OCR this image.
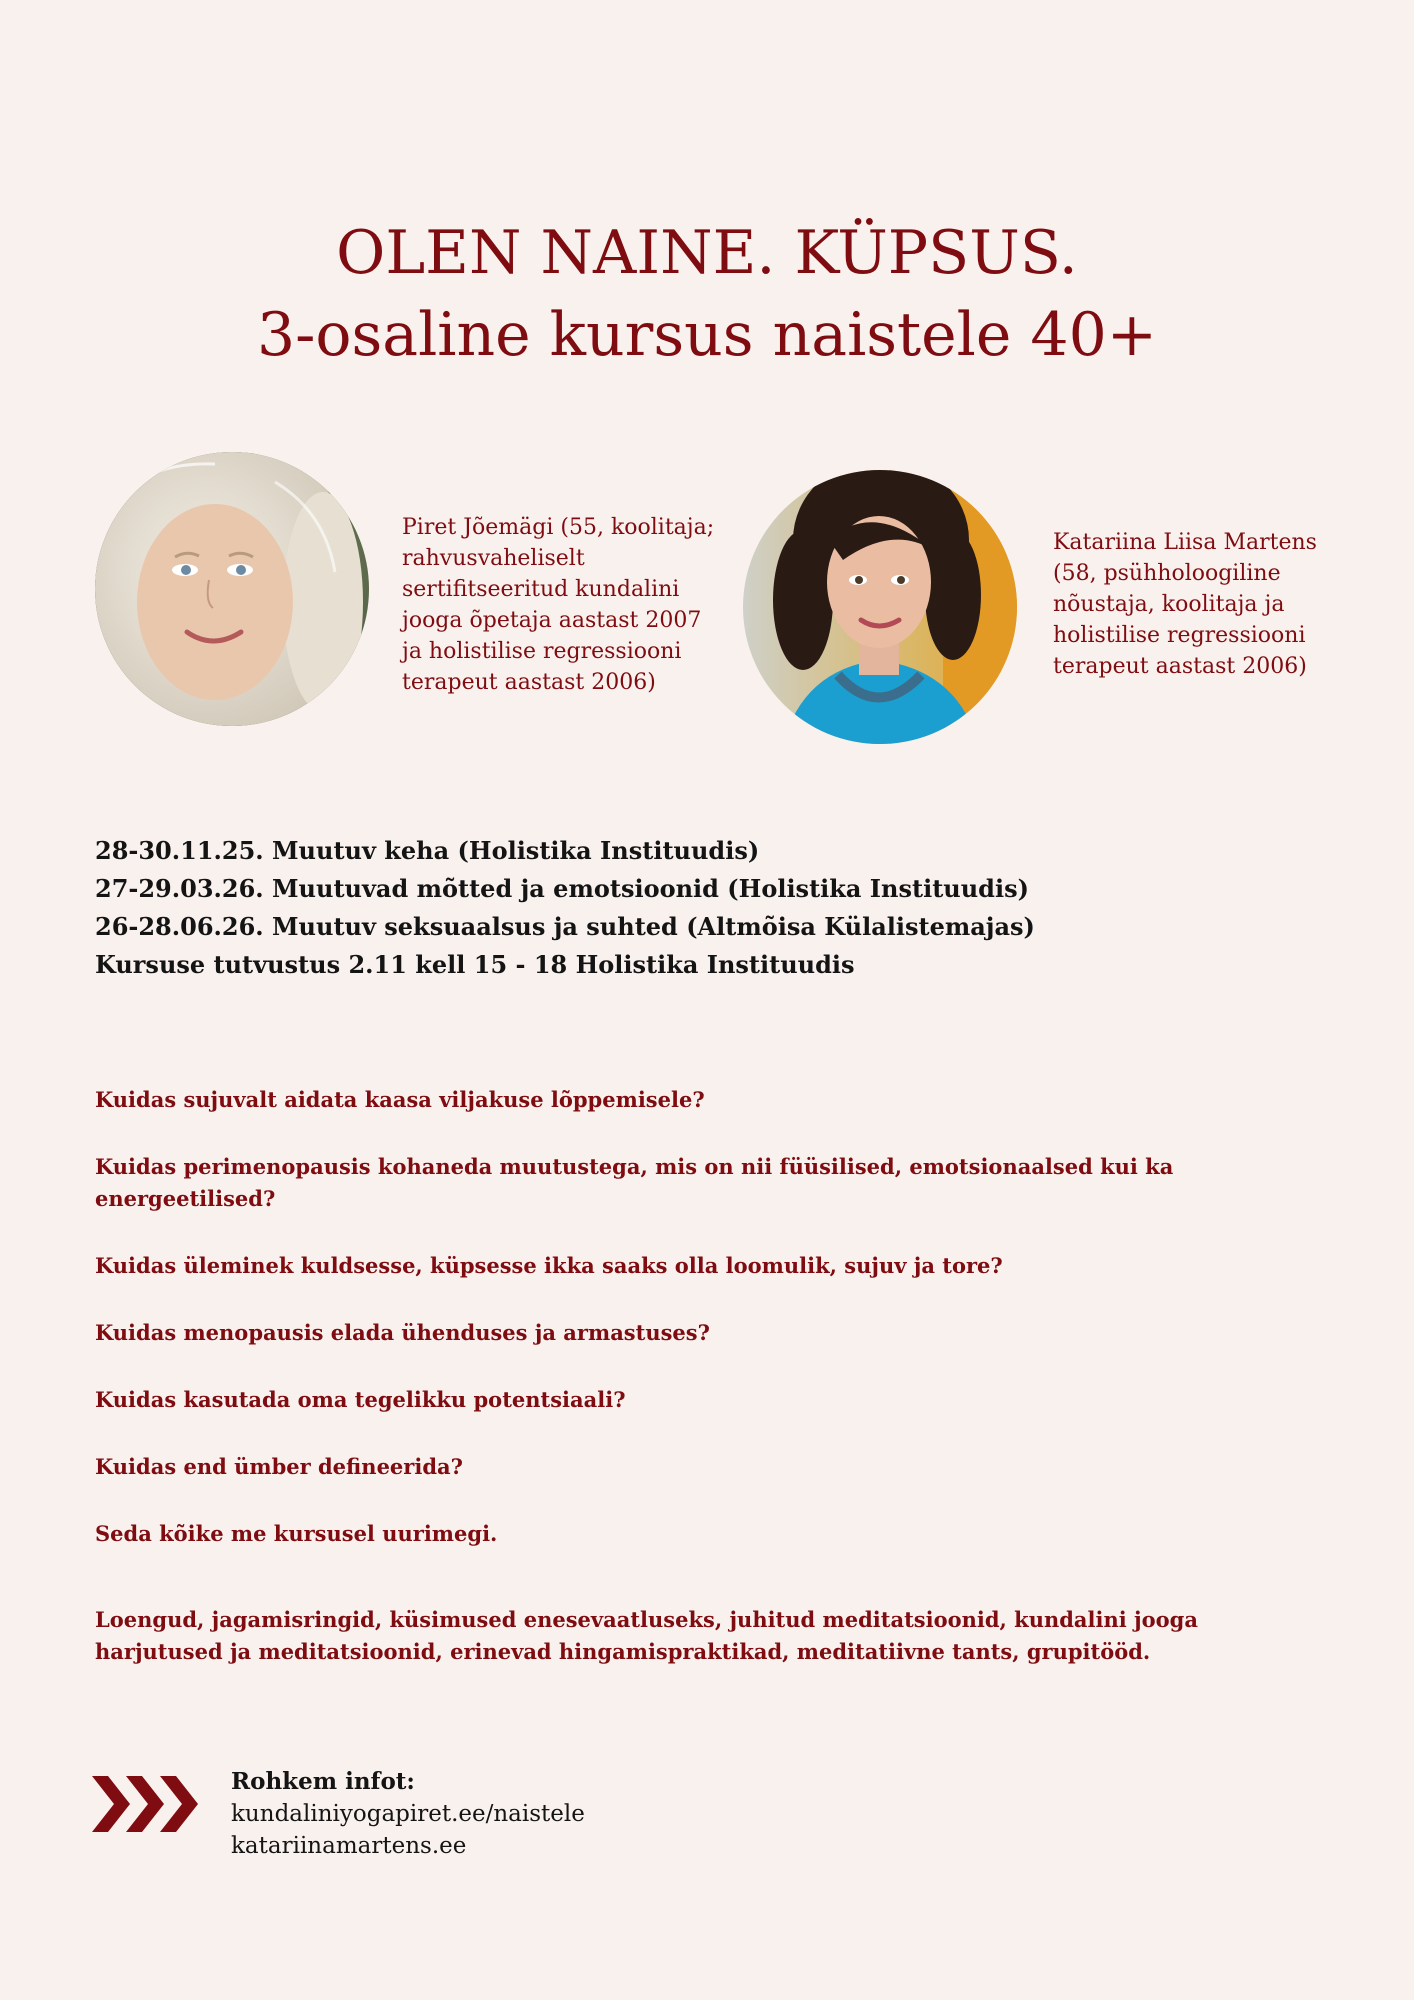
OLEN NAINE. KÜPSUS.
3-osaline kursus naistele 40+
Piret Jõemägi (55, koolitaja; rahvusvaheliselt sertifitseeritud kundalini jooga õpetaja aastast 2007 ja holistilise regressiooni terapeut aastast 2006)
Katariina Liisa Martens (58, psühholoogiline nõustaja, koolitaja ja holistilise regressiooni terapeut aastast 2006)
28-30.11.25. Muutuv keha (Holistika Instituudis)
27-29.03.26. Muutuvad mõtted ja emotsioonid (Holistika Instituudis)
26-28.06.26. Muutuv seksuaalsus ja suhted (Altmõisa Külalistemajas)
Kursuse tutvustus 2.11 kell 15 - 18 Holistika Instituudis

Kuidas sujuvalt aidata kaasa viljakuse lõppemisele?

Kuidas perimenopausis kohaneda muutustega, mis on nii füüsilised, emotsionaalsed kui ka energeetilised?

Kuidas üleminek kuldsesse, küpsesse ikka saaks olla loomulik, sujuv ja tore?

Kuidas menopausis elada ühenduses ja armastuses?

Kuidas kasutada oma tegelikku potentsiaali?

Kuidas end ümber defineerida?

Seda kõike me kursusel uurimegi.

Loengud, jagamisringid, küsimused enesevaatluseks, juhitud meditatsioonid, kundalini jooga harjutused ja meditatsioonid, erinevad hingamispraktikad, meditatiivne tants, grupitööd.

Rohkem infot:
kundaliniyogapiret.ee/naistele
katariinamartens.ee
